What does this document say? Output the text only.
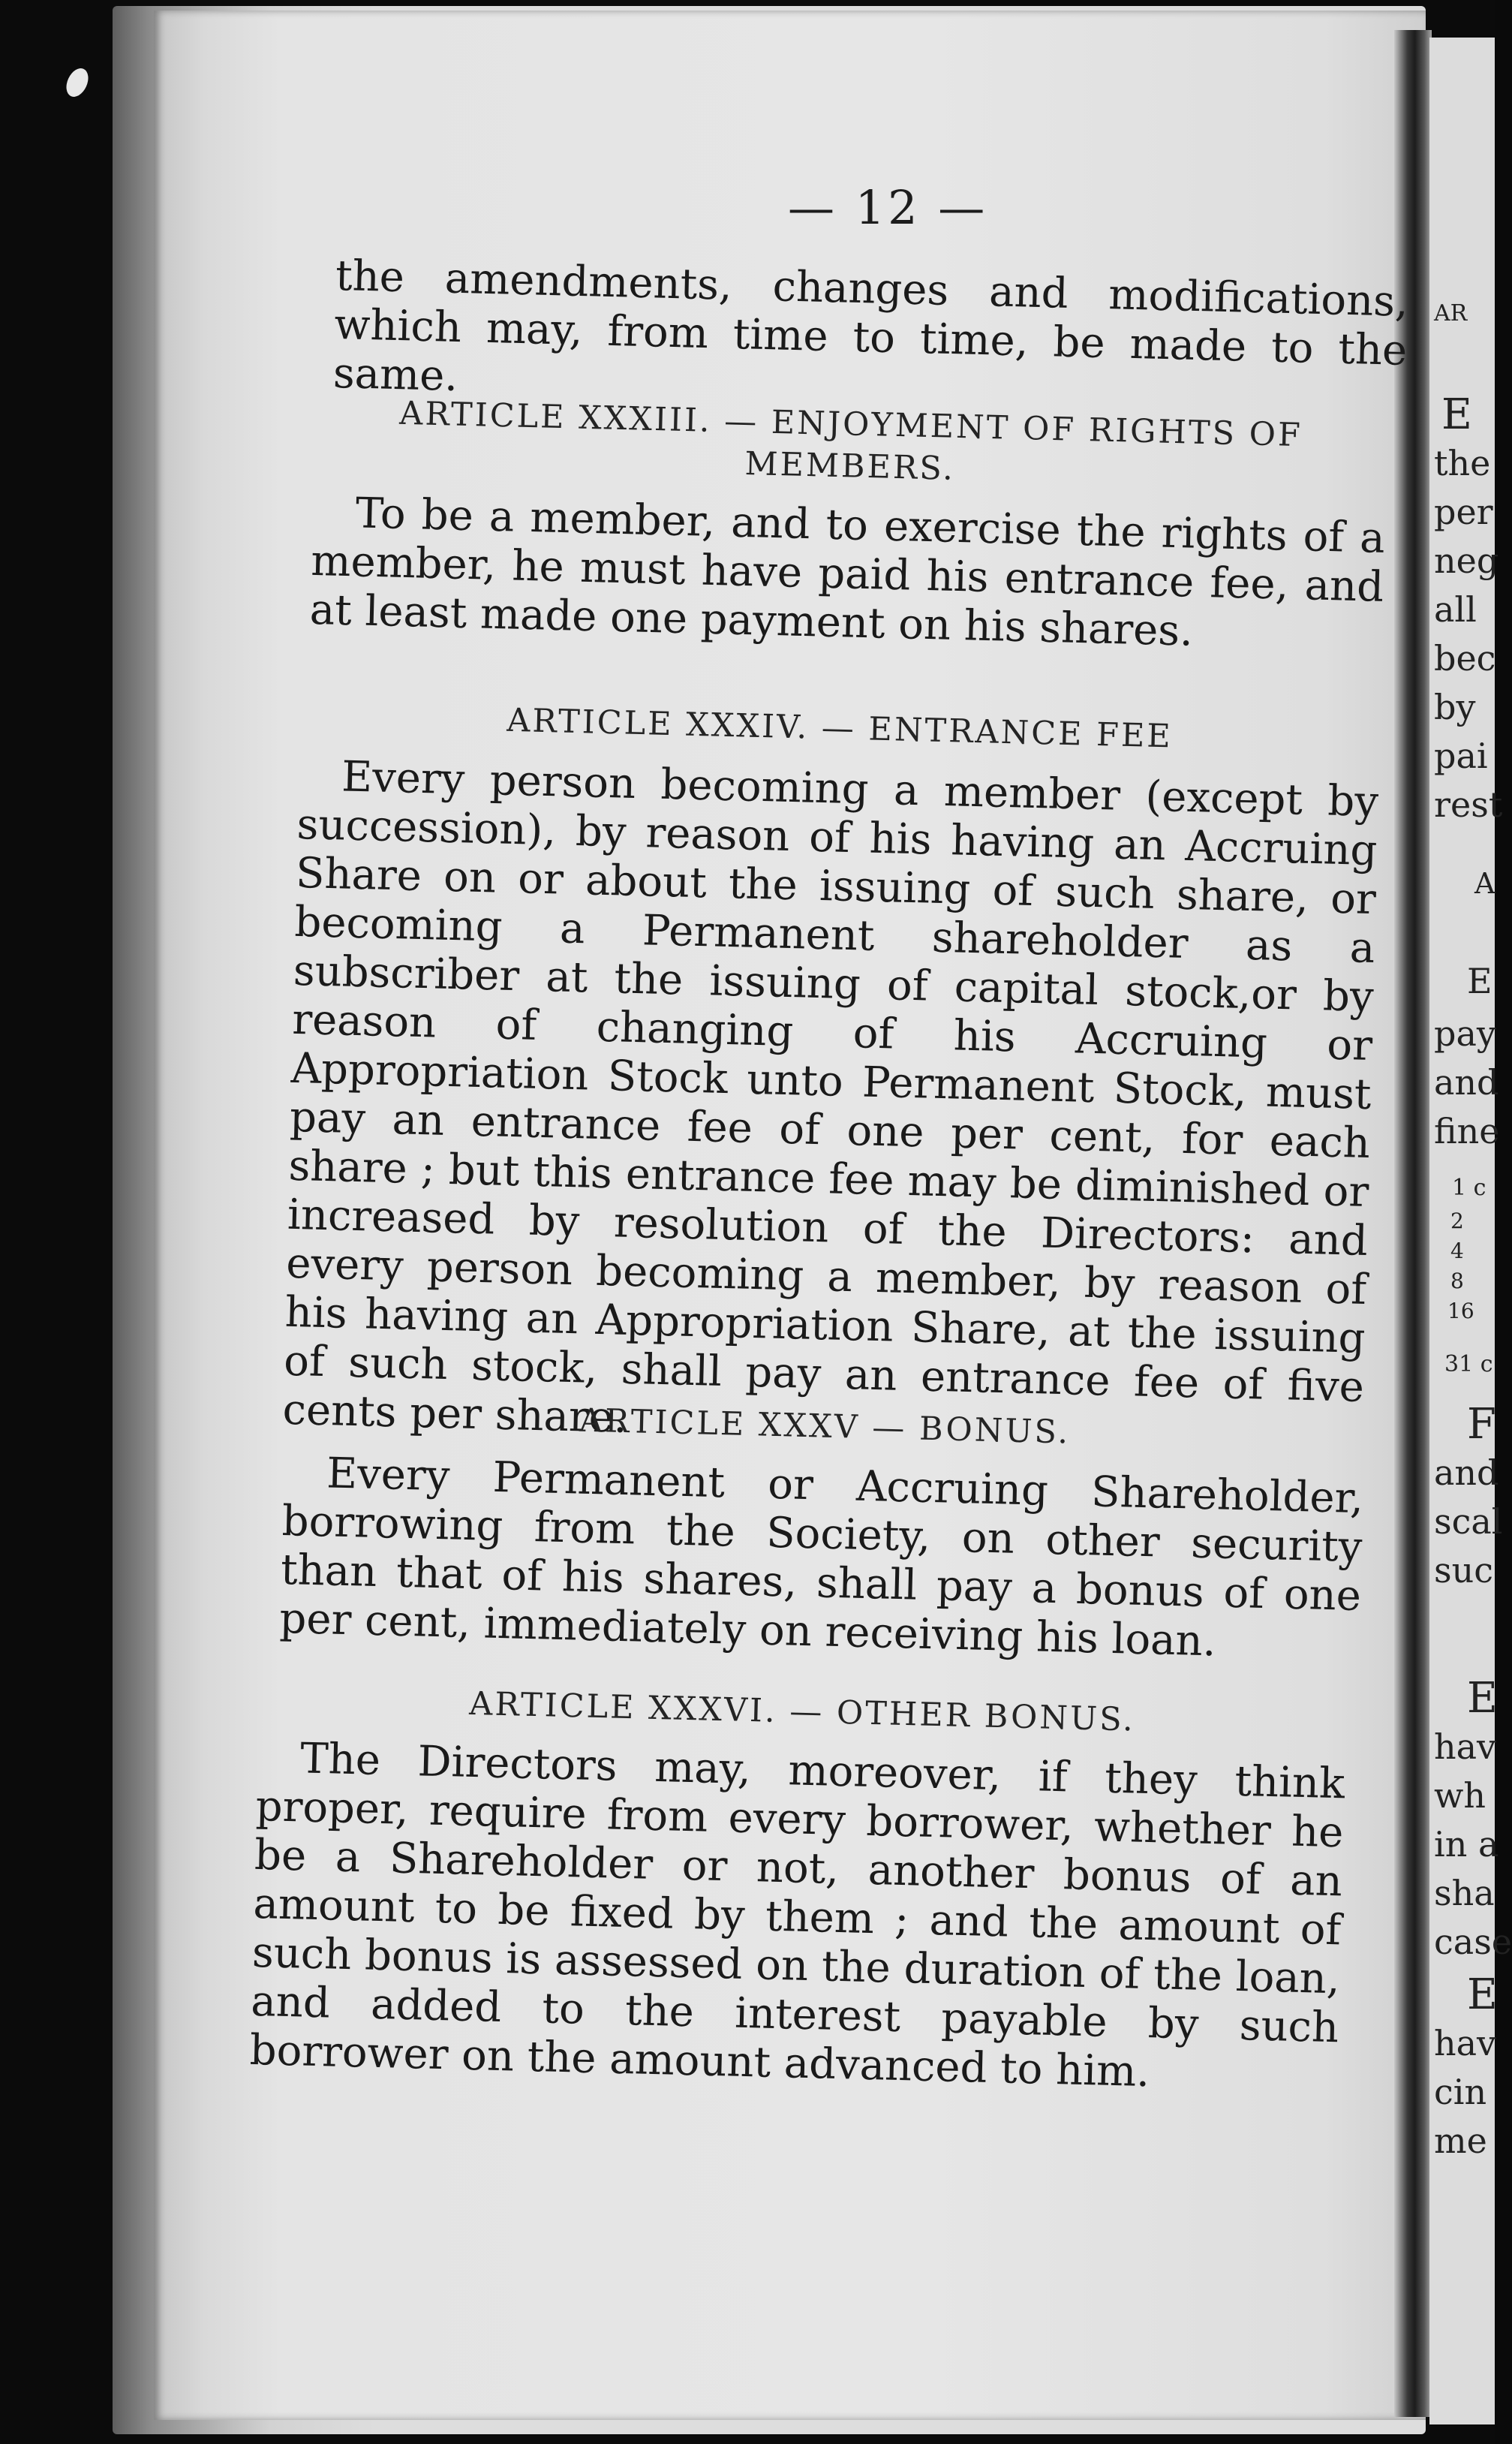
AR
E
the
per
neg
all
bec
by
pai
rest
A
E
pay
and
fine
1 c
2
4
8
16
31 c
F
and
scal
suc
E
hav
wh
in a
sha
case
E
hav
cin
me
— 12 —

the amendments, changes and modifications, which may, from time to time, be made to the same.

ARTICLE XXXIII. — ENJOYMENT OF RIGHTS OF MEMBERS.

To be a member, and to exercise the rights of a member, he must have paid his entrance fee, and at least made one payment on his shares.

ARTICLE XXXIV. — ENTRANCE FEE

Every person becoming a member (except by succession), by reason of his having an Accruing Share on or about the issuing of such share, or becoming a Permanent shareholder as a subscriber at the issuing of capital stock,or by reason of changing of his Accruing or Appropriation Stock unto Permanent Stock, must pay an entrance fee of one per cent, for each share ; but this entrance fee may be diminished or increased by resolution of the Directors: and every person becoming a member, by reason of his having an Appropriation Share, at the issuing of such stock, shall pay an entrance fee of five cents per share.

ARTICLE XXXV — BONUS.

Every Permanent or Accruing Shareholder, borrowing from the Society, on other security than that of his shares, shall pay a bonus of one per cent, immediately on receiving his loan.

ARTICLE XXXVI. — OTHER BONUS.

The Directors may, moreover, if they think proper, require from every borrower, whether he be a Shareholder or not, another bonus of an amount to be fixed by them ; and the amount of such bonus is assessed on the duration of the loan, and added to the interest payable by such borrower on the amount advanced to him.
